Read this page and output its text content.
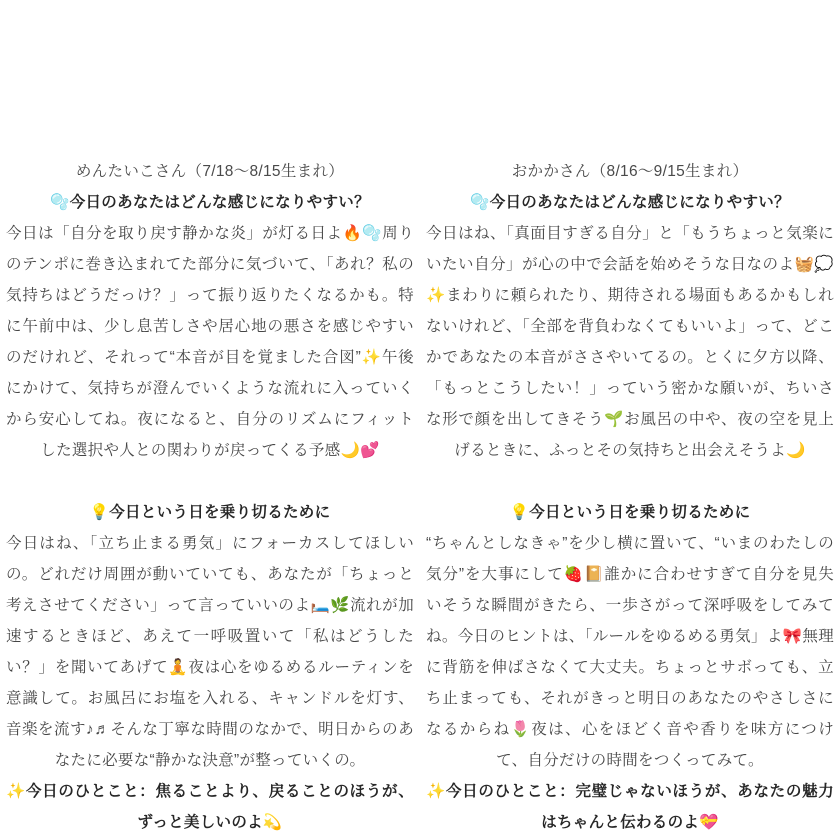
めんたいこさん（7/18〜8/15生まれ）

🫧今日のあなたはどんな感じになりやすい？

今日は「自分を取り戻す静かな炎」が灯る日よ🔥🫧周りのテンポに巻き込まれてた部分に気づいて、「あれ？私の気持ちはどうだっけ？」って振り返りたくなるかも。特に午前中は、少し息苦しさや居心地の悪さを感じやすいのだけれど、それって“本音が目を覚ました合図”✨午後にかけて、気持ちが澄んでいくような流れに入っていくから安心してね。夜になると、自分のリズムにフィットした選択や人との関わりが戻ってくる予感🌙💕

💡今日という日を乗り切るために

今日はね、「立ち止まる勇気」にフォーカスしてほしいの。どれだけ周囲が動いていても、あなたが「ちょっと考えさせてください」って言っていいのよ🛏️🌿流れが加速するときほど、あえて一呼吸置いて「私はどうしたい？」を聞いてあげて🧘夜は心をゆるめるルーティンを意識して。お風呂にお塩を入れる、キャンドルを灯す、音楽を流す♪♬そんな丁寧な時間のなかで、明日からのあなたに必要な“静かな決意”が整っていくの。

✨今日のひとこと：焦ることより、戻ることのほうが、ずっと美しいのよ💫

おかかさん（8/16〜9/15生まれ）

🫧今日のあなたはどんな感じになりやすい？

今日はね、「真面目すぎる自分」と「もうちょっと気楽にいたい自分」が心の中で会話を始めそうな日なのよ🧺💭✨まわりに頼られたり、期待される場面もあるかもしれないけれど、「全部を背負わなくてもいいよ」って、どこかであなたの本音がささやいてるの。とくに夕方以降、「もっとこうしたい！」っていう密かな願いが、ちいさな形で顔を出してきそう🌱お風呂の中や、夜の空を見上げるときに、ふっとその気持ちと出会えそうよ🌙

💡今日という日を乗り切るために

“ちゃんとしなきゃ”を少し横に置いて、“いまのわたしの気分”を大事にして🍓📔誰かに合わせすぎて自分を見失いそうな瞬間がきたら、一歩さがって深呼吸をしてみてね。今日のヒントは、「ルールをゆるめる勇気」よ🎀無理に背筋を伸ばさなくて大丈夫。ちょっとサボっても、立ち止まっても、それがきっと明日のあなたのやさしさになるからね🌷夜は、心をほどく音や香りを味方につけて、自分だけの時間をつくってみて。

✨今日のひとこと：完璧じゃないほうが、あなたの魅力はちゃんと伝わるのよ💝
